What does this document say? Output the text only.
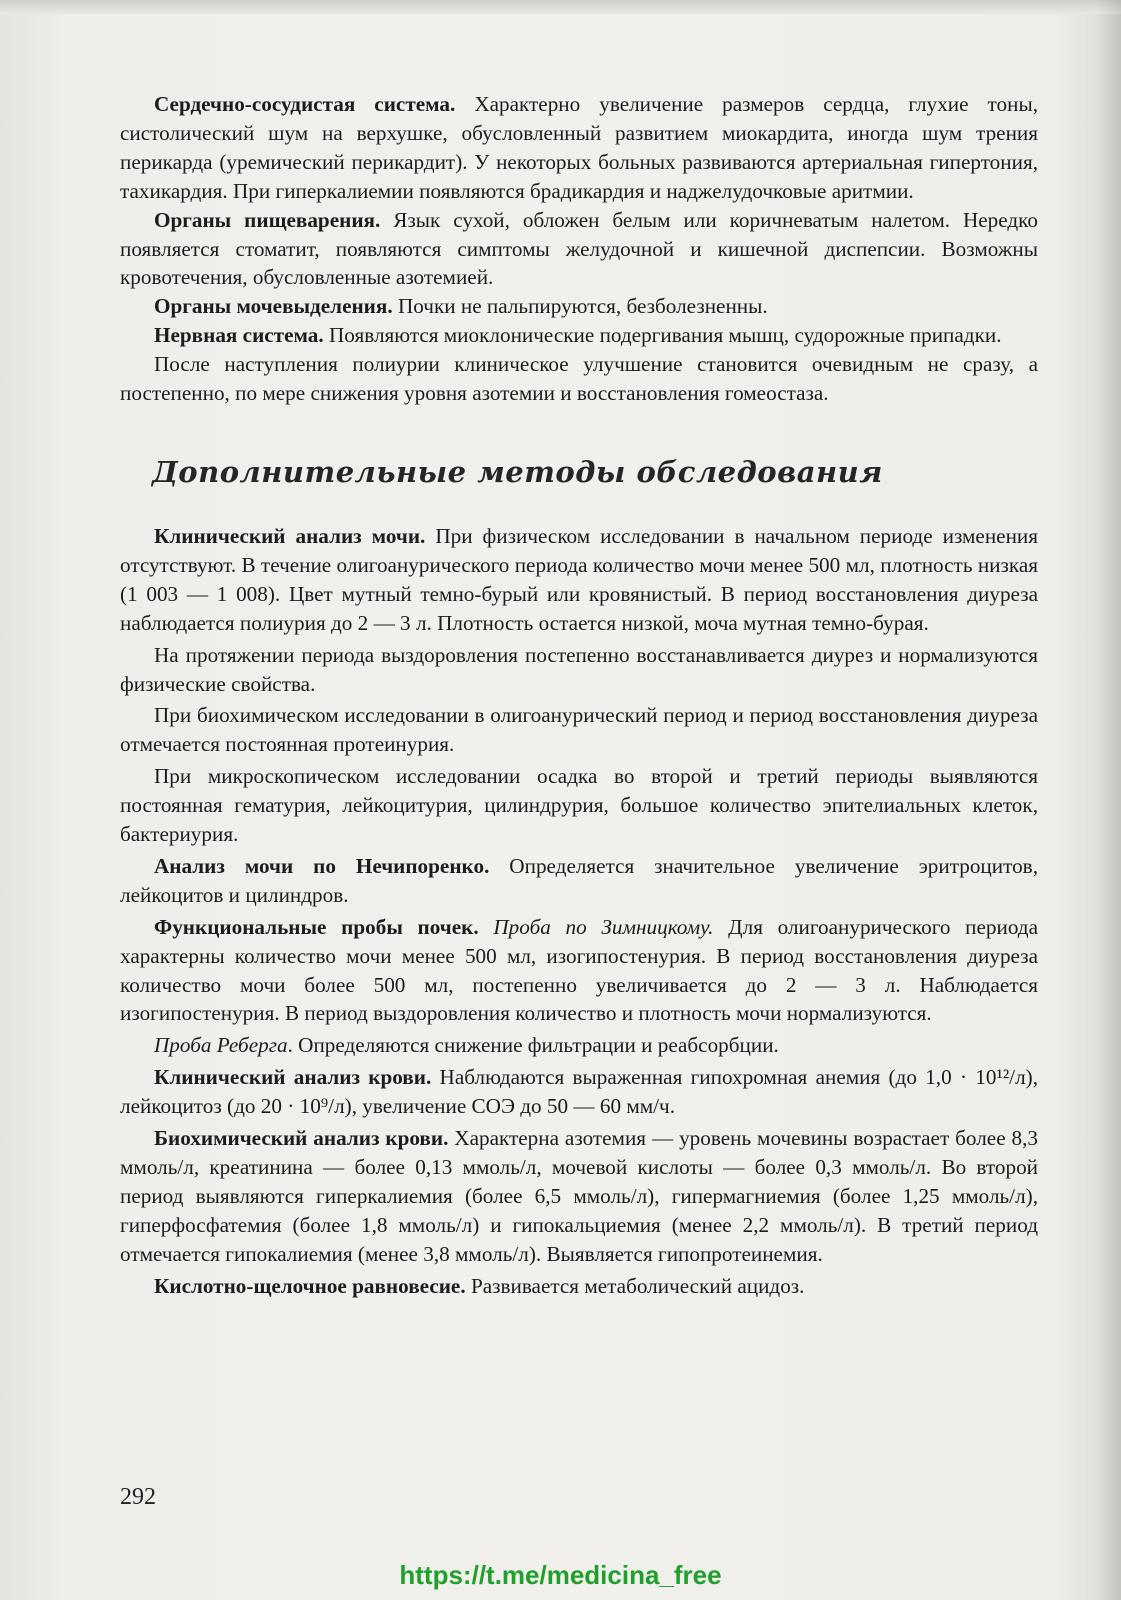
Сердечно-сосудистая система. Характерно увеличение размеров сердца, глухие тоны, систолический шум на верхушке, обусловленный развитием миокардита, иногда шум трения перикарда (уремический перикардит). У некоторых больных развиваются артериальная гипертония, тахикардия. При гиперкалиемии появляются брадикардия и наджелудочковые аритмии.

Органы пищеварения. Язык сухой, обложен белым или коричневатым налетом. Нередко появляется стоматит, появляются симптомы желудочной и кишечной диспепсии. Возможны кровотечения, обусловленные азотемией.

Органы мочевыделения. Почки не пальпируются, безболезненны.

Нервная система. Появляются миоклонические подергивания мышц, судорожные припадки.

После наступления полиурии клиническое улучшение становится очевидным не сразу, а постепенно, по мере снижения уровня азотемии и восстановления гомеостаза.

Дополнительные методы обследования

Клинический анализ мочи. При физическом исследовании в начальном периоде изменения отсутствуют. В течение олигоанурического периода количество мочи менее 500 мл, плотность низкая (1 003 — 1 008). Цвет мутный темно-бурый или кровянистый. В период восстановления диуреза наблюдается полиурия до 2 — 3 л. Плотность остается низкой, моча мутная темно-бурая.

На протяжении периода выздоровления постепенно восстанавливается диурез и нормализуются физические свойства.

При биохимическом исследовании в олигоанурический период и период восстановления диуреза отмечается постоянная протеинурия.

При микроскопическом исследовании осадка во второй и третий периоды выявляются постоянная гематурия, лейкоцитурия, цилиндрурия, большое количество эпителиальных клеток, бактериурия.

Анализ мочи по Нечипоренко. Определяется значительное увеличение эритроцитов, лейкоцитов и цилиндров.

Функциональные пробы почек. Проба по Зимницкому. Для олигоанурического периода характерны количество мочи менее 500 мл, изогипостенурия. В период восстановления диуреза количество мочи более 500 мл, постепенно увеличивается до 2 — 3 л. Наблюдается изогипостенурия. В период выздоровления количество и плотность мочи нормализуются.

Проба Реберга. Определяются снижение фильтрации и реабсорбции.

Клинический анализ крови. Наблюдаются выраженная гипохромная анемия (до 1,0 · 10¹²/л), лейкоцитоз (до 20 · 10⁹/л), увеличение СОЭ до 50 — 60 мм/ч.

Биохимический анализ крови. Характерна азотемия — уровень мочевины возрастает более 8,3 ммоль/л, креатинина — более 0,13 ммоль/л, мочевой кислоты — более 0,3 ммоль/л. Во второй период выявляются гиперкалиемия (более 6,5 ммоль/л), гипермагниемия (более 1,25 ммоль/л), гиперфосфатемия (более 1,8 ммоль/л) и гипокальциемия (менее 2,2 ммоль/л). В третий период отмечается гипокалиемия (менее 3,8 ммоль/л). Выявляется гипопротеинемия.

Кислотно-щелочное равновесие. Развивается метаболический ацидоз.

292
https://t.me/medicina_free
